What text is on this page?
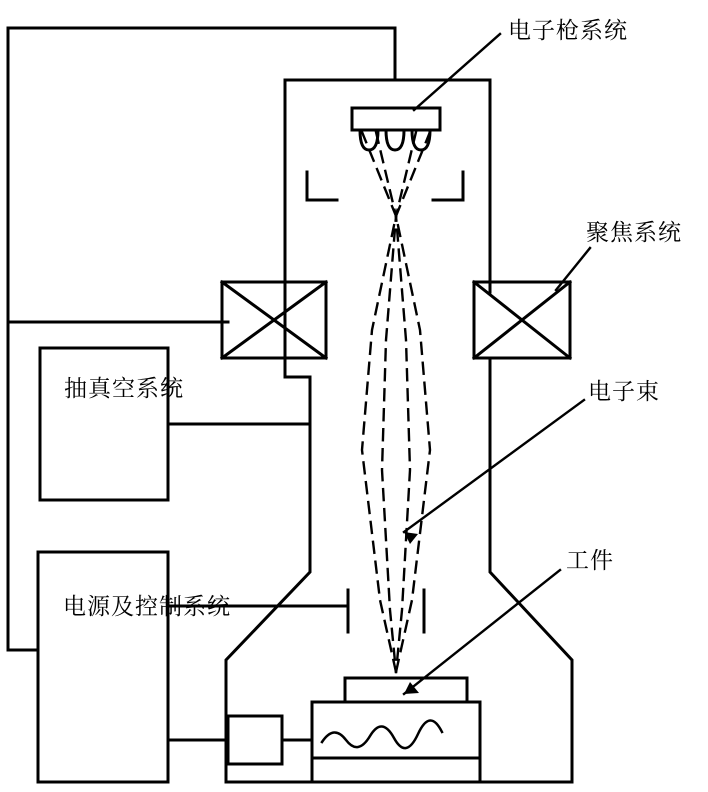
电子枪系统
聚焦系统
电子束
工件
抽真空系统
电源及控制系统
